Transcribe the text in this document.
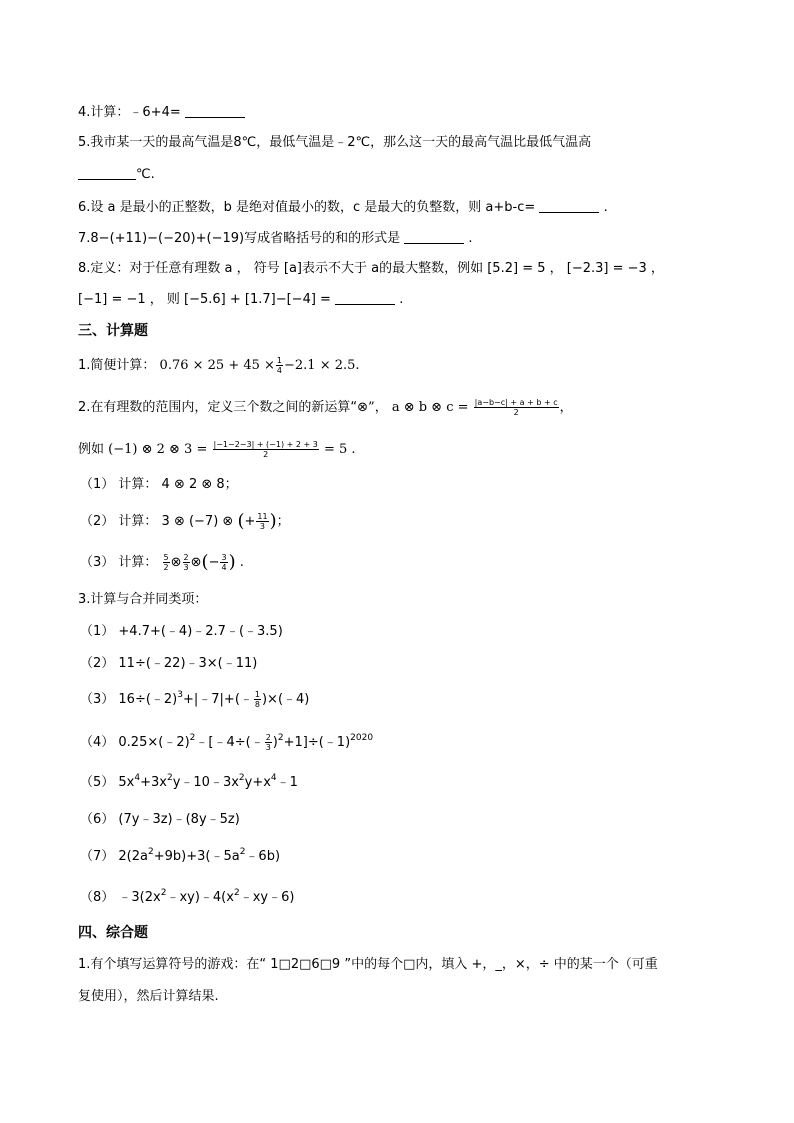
4.计算：﹣6+4=
5.我市某一天的最高气温是8℃，最低气温是﹣2℃，那么这一天的最高气温比最低气温高
℃.
6.设 a 是最小的正整数，b 是绝对值最小的数，c 是最大的负整数，则 a+b-c=	.
7.8−(+11)−(−20)+(−19)写成省略括号的和的形式是	.
8.定义：对于任意有理数 a ， 符号 [a]表示不大于 a的最大整数，例如 [5.2] = 5 ， [−2.3] = −3 ，
[−1] = −1 ， 则 [−5.6] + [1.7]−[−4] =	.
三、计算题
1.简便计算： $0.76 \times 25 + 45 \times \frac{1}{4} -2.1 \times 2.5$.
2.在有理数的范围内，定义三个数之间的新运算“⊗”， a ⊗ b ⊗ $c = \frac{|a-b-c| + a + b + c}{2}$ ，
例如 (−1) ⊗ 2 ⊗ $3 = \frac{|-1-2-3| + (-1) + 2 + 3}{2} = 5$ .
（1） 计算： 4 ⊗ 2 ⊗ 8；
（2） 计算： 3 ⊗ (−7) ⊗ (+ $\frac{11}{3}$ )；
（3） 计算： $\frac{5}{2}$ ⊗ $\frac{2}{3}$ ⊗(− $\frac{3}{4}$ ) .
3.计算与合并同类项：
（1） +4.7+(﹣4)﹣2.7﹣(﹣3.5)
（2） 11÷(﹣22)﹣3×(﹣11)
（3） 16÷(﹣2)$^3$+|﹣7|+(﹣ $\frac{1}{8}$ )×(﹣4)
（4） 0.25×(﹣2)$^2$﹣[﹣4÷(﹣ $\frac{2}{3}$ )$^2$+1]÷(﹣1)$^{2020}$
（5） $5x^4+3x^2y﹣10﹣3x^2y+x^4﹣1$
（6） (7y﹣3z)﹣(8y﹣5z)
（7） $2(2a^2+9b)+3(﹣5a^2﹣6b)$
（8） $﹣3(2x^2﹣xy)﹣4(x^2﹣xy﹣6)$
四、综合题
1.有个填写运算符号的游戏：在“ 1□2□6□9 ”中的每个□内，填入 +，_，×，÷ 中的某一个（可重
复使用），然后计算结果.
